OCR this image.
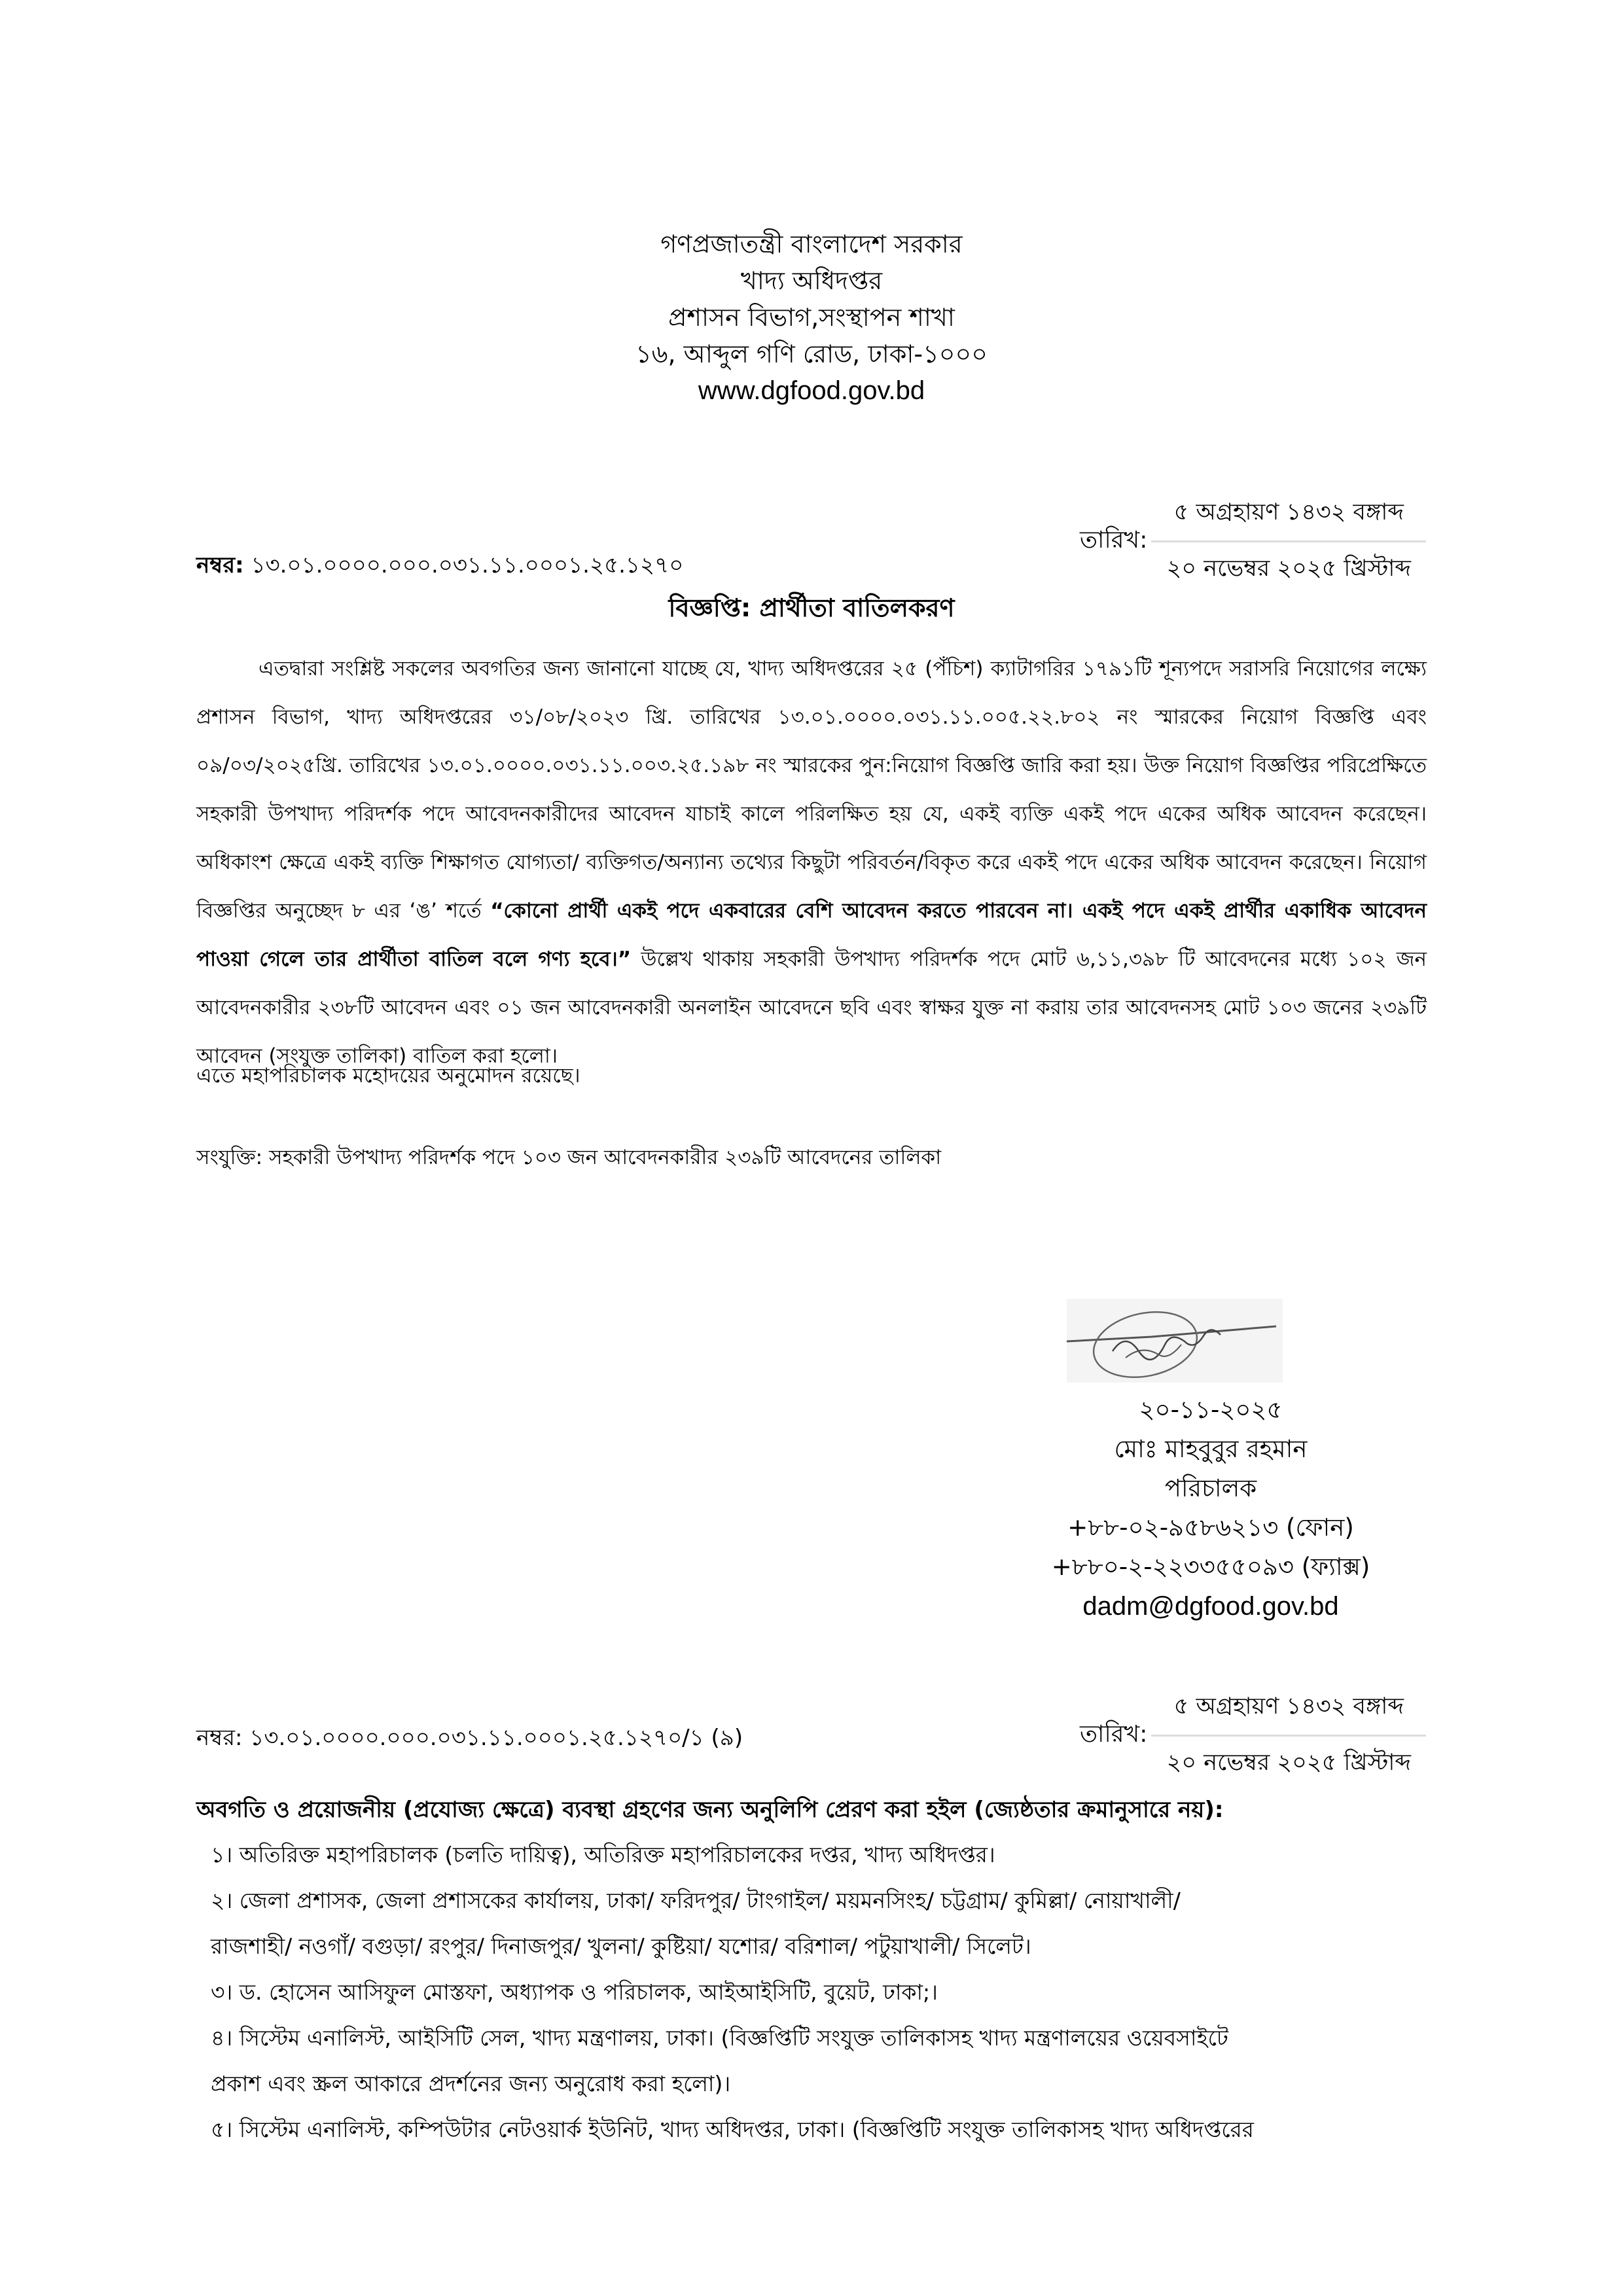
গণপ্রজাতন্ত্রী বাংলাদেশ সরকার
খাদ্য অধিদপ্তর
প্রশাসন বিভাগ,সংস্থাপন শাখা
১৬, আব্দুল গণি রোড, ঢাকা-১০০০
www.dgfood.gov.bd
নম্বর: ১৩.০১.০০০০.০০০.০৩১.১১.০০০১.২৫.১২৭০
তারিখ:
৫ অগ্রহায়ণ ১৪৩২ বঙ্গাব্দ
২০ নভেম্বর ২০২৫ খ্রিস্টাব্দ
বিজ্ঞপ্তি: প্রার্থীতা বাতিলকরণ
এতদ্বারা সংশ্লিষ্ট সকলের অবগতির জন্য জানানো যাচ্ছে যে, খাদ্য অধিদপ্তরের ২৫ (পঁচিশ) ক্যাটাগরির ১৭৯১টি শূন্যপদে সরাসরি নিয়োগের লক্ষ্যে প্রশাসন বিভাগ, খাদ্য অধিদপ্তরের ৩১/০৮/২০২৩ খ্রি. তারিখের ১৩.০১.০০০০.০৩১.১১.০০৫.২২.৮০২ নং স্মারকের নিয়োগ বিজ্ঞপ্তি এবং ০৯/০৩/২০২৫খ্রি. তারিখের ১৩.০১.০০০০.০৩১.১১.০০৩.২৫.১৯৮ নং স্মারকের পুন:নিয়োগ বিজ্ঞপ্তি জারি করা হয়। উক্ত নিয়োগ বিজ্ঞপ্তির পরিপ্রেক্ষিতে সহকারী উপখাদ্য পরিদর্শক পদে আবেদনকারীদের আবেদন যাচাই কালে পরিলক্ষিত হয় যে, একই ব্যক্তি একই পদে একের অধিক আবেদন করেছেন। অধিকাংশ ক্ষেত্রে একই ব্যক্তি শিক্ষাগত যোগ্যতা/ ব্যক্তিগত/অন্যান্য তথ্যের কিছুটা পরিবর্তন/বিকৃত করে একই পদে একের অধিক আবেদন করেছেন। নিয়োগ বিজ্ঞপ্তির অনুচ্ছেদ ৮ এর ‘ঙ’ শর্তে “কোনো প্রার্থী একই পদে একবারের বেশি আবেদন করতে পারবেন না। একই পদে একই প্রার্থীর একাধিক আবেদন পাওয়া গেলে তার প্রার্থীতা বাতিল বলে গণ্য হবে।” উল্লেখ থাকায় সহকারী উপখাদ্য পরিদর্শক পদে মোট ৬,১১,৩৯৮ টি আবেদনের মধ্যে ১০২ জন আবেদনকারীর ২৩৮টি আবেদন এবং ০১ জন আবেদনকারী অনলাইন আবেদনে ছবি এবং স্বাক্ষর যুক্ত না করায় তার আবেদনসহ মোট ১০৩ জনের ২৩৯টি আবেদন (সংযুক্ত তালিকা) বাতিল করা হলো।
এতে মহাপরিচালক মহোদয়ের অনুমোদন রয়েছে।
সংযুক্তি: সহকারী উপখাদ্য পরিদর্শক পদে ১০৩ জন আবেদনকারীর ২৩৯টি আবেদনের তালিকা
২০-১১-২০২৫
মোঃ মাহবুবুর রহমান
পরিচালক
+৮৮-০২-৯৫৮৬২১৩ (ফোন)
+৮৮০-২-২২৩৩৫৫০৯৩ (ফ্যাক্স)
dadm@dgfood.gov.bd
নম্বর: ১৩.০১.০০০০.০০০.০৩১.১১.০০০১.২৫.১২৭০/১ (৯)	তারিখ:
৫ অগ্রহায়ণ ১৪৩২ বঙ্গাব্দ
২০ নভেম্বর ২০২৫ খ্রিস্টাব্দ
অবগতি ও প্রয়োজনীয় (প্রযোজ্য ক্ষেত্রে) ব্যবস্থা গ্রহণের জন্য অনুলিপি প্রেরণ করা হইল (জ্যেষ্ঠতার ক্রমানুসারে নয়):
১। অতিরিক্ত মহাপরিচালক (চলতি দায়িত্ব), অতিরিক্ত মহাপরিচালকের দপ্তর, খাদ্য অধিদপ্তর।
২। জেলা প্রশাসক, জেলা প্রশাসকের কার্যালয়, ঢাকা/ ফরিদপুর/ টাংগাইল/ ময়মনসিংহ/ চট্টগ্রাম/ কুমিল্লা/ নোয়াখালী/
রাজশাহী/ নওগাঁ/ বগুড়া/ রংপুর/ দিনাজপুর/ খুলনা/ কুষ্টিয়া/ যশোর/ বরিশাল/ পটুয়াখালী/ সিলেট।
৩। ড. হোসেন আসিফুল মোস্তফা, অধ্যাপক ও পরিচালক, আইআইসিটি, বুয়েট, ঢাকা;।
৪। সিস্টেম এনালিস্ট, আইসিটি সেল, খাদ্য মন্ত্রণালয়, ঢাকা। (বিজ্ঞপ্তিটি সংযুক্ত তালিকাসহ খাদ্য মন্ত্রণালয়ের ওয়েবসাইটে
প্রকাশ এবং স্ক্রল আকারে প্রদর্শনের জন্য অনুরোধ করা হলো)।
৫। সিস্টেম এনালিস্ট, কম্পিউটার নেটওয়ার্ক ইউনিট, খাদ্য অধিদপ্তর, ঢাকা। (বিজ্ঞপ্তিটি সংযুক্ত তালিকাসহ খাদ্য অধিদপ্তরের
